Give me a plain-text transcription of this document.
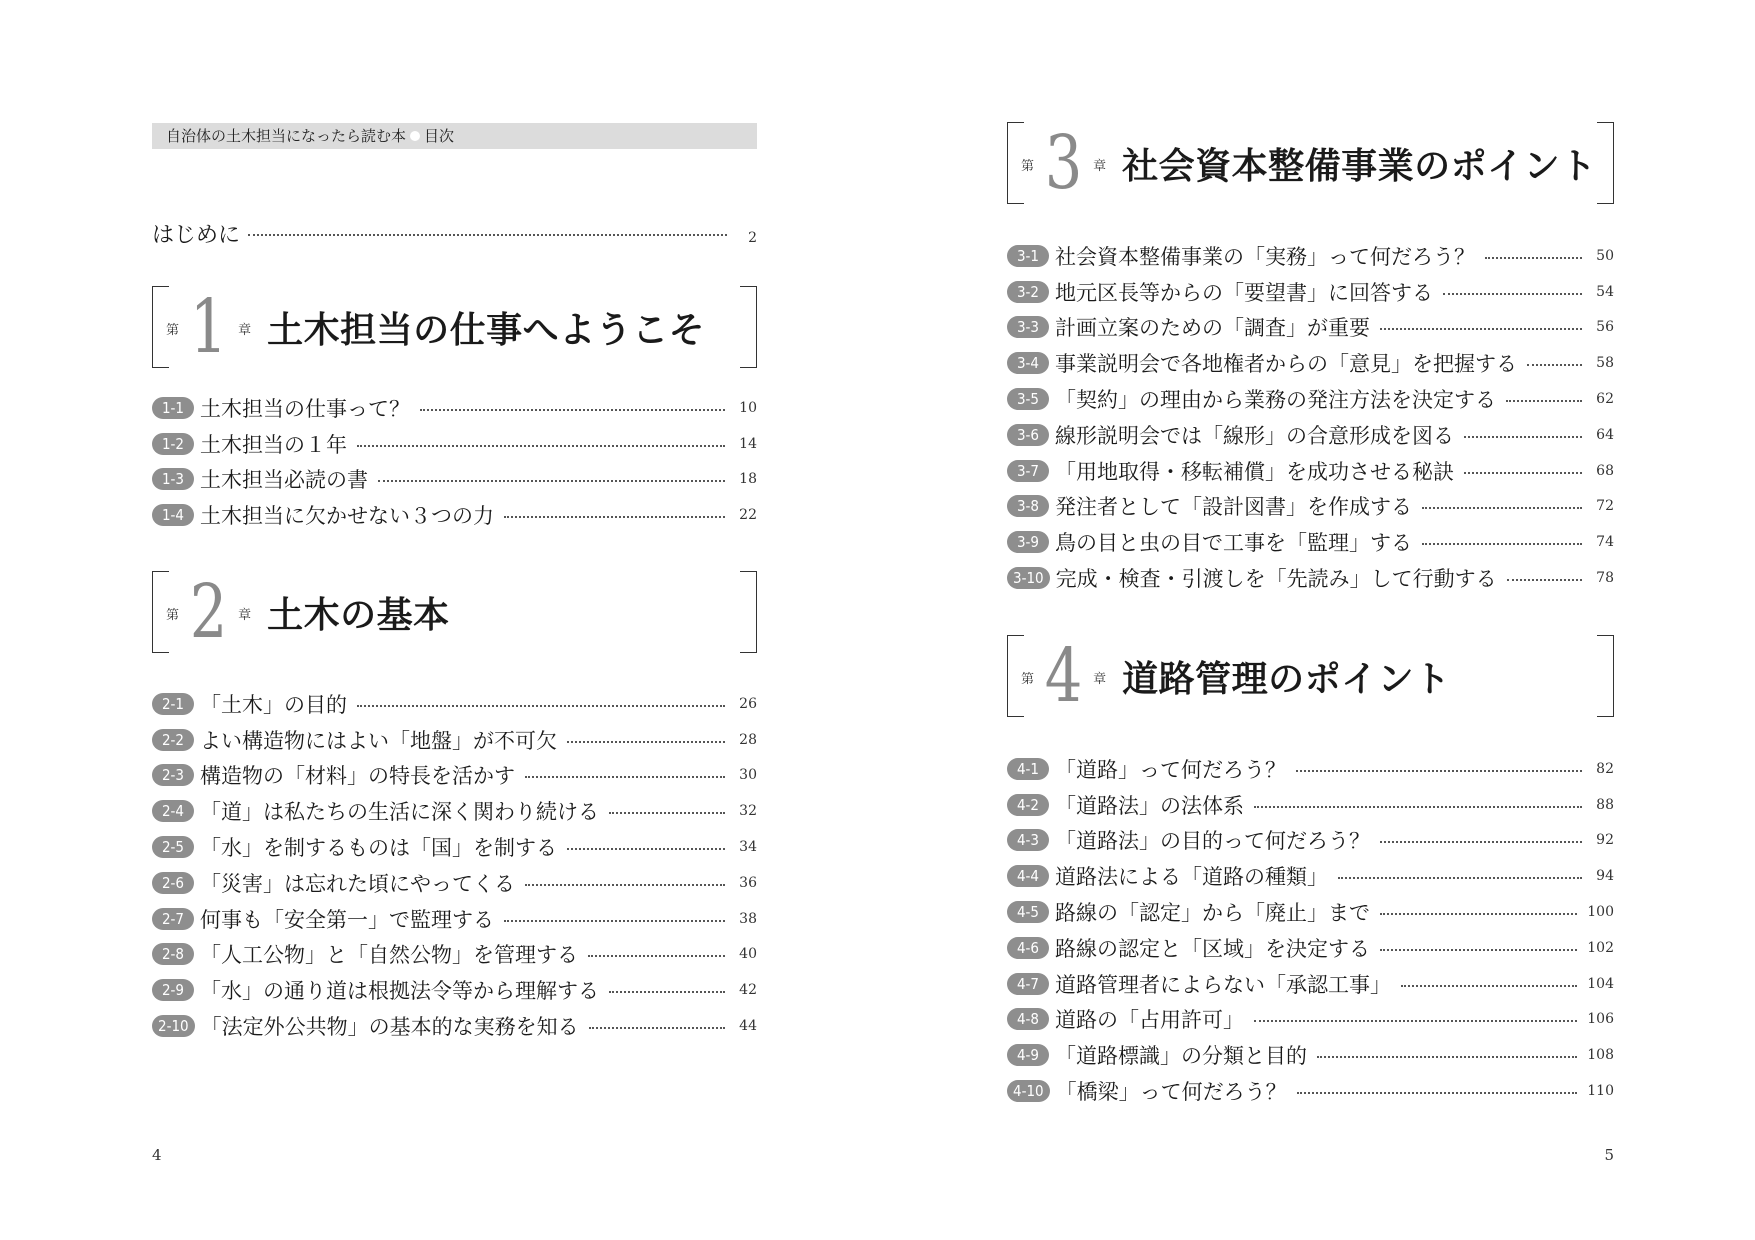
自治体の土木担当になったら読む本 目次
はじめに	2
第 1 章 土木担当の仕事へようこそ
1-1 土木担当の仕事って？	10
1-2 土木担当の１年	14
1-3 土木担当必読の書	18
1-4 土木担当に欠かせない３つの力	22
第 2 章 土木の基本
2-1 「土木」の目的	26
2-2 よい構造物にはよい「地盤」が不可欠	28
2-3 構造物の「材料」の特長を活かす	30
2-4 「道」は私たちの生活に深く関わり続ける	32
2-5 「水」を制するものは「国」を制する	34
2-6 「災害」は忘れた頃にやってくる	36
2-7 何事も「安全第一」で監理する	38
2-8 「人工公物」と「自然公物」を管理する	40
2-9 「水」の通り道は根拠法令等から理解する	42
2-10 「法定外公共物」の基本的な実務を知る	44
4
第 3 章 社会資本整備事業のポイント
3-1 社会資本整備事業の「実務」って何だろう？	50
3-2 地元区長等からの「要望書」に回答する	54
3-3 計画立案のための「調査」が重要	56
3-4 事業説明会で各地権者からの「意見」を把握する	58
3-5 「契約」の理由から業務の発注方法を決定する	62
3-6 線形説明会では「線形」の合意形成を図る	64
3-7 「用地取得・移転補償」を成功させる秘訣	68
3-8 発注者として「設計図書」を作成する	72
3-9 鳥の目と虫の目で工事を「監理」する	74
3-10 完成・検査・引渡しを「先読み」して行動する	78
第 4 章 道路管理のポイント
4-1 「道路」って何だろう？	82
4-2 「道路法」の法体系	88
4-3 「道路法」の目的って何だろう？	92
4-4 道路法による「道路の種類」	94
4-5 路線の「認定」から「廃止」まで	100
4-6 路線の認定と「区域」を決定する	102
4-7 道路管理者によらない「承認工事」	104
4-8 道路の「占用許可」	106
4-9 「道路標識」の分類と目的	108
4-10 「橋梁」って何だろう？	110
5
